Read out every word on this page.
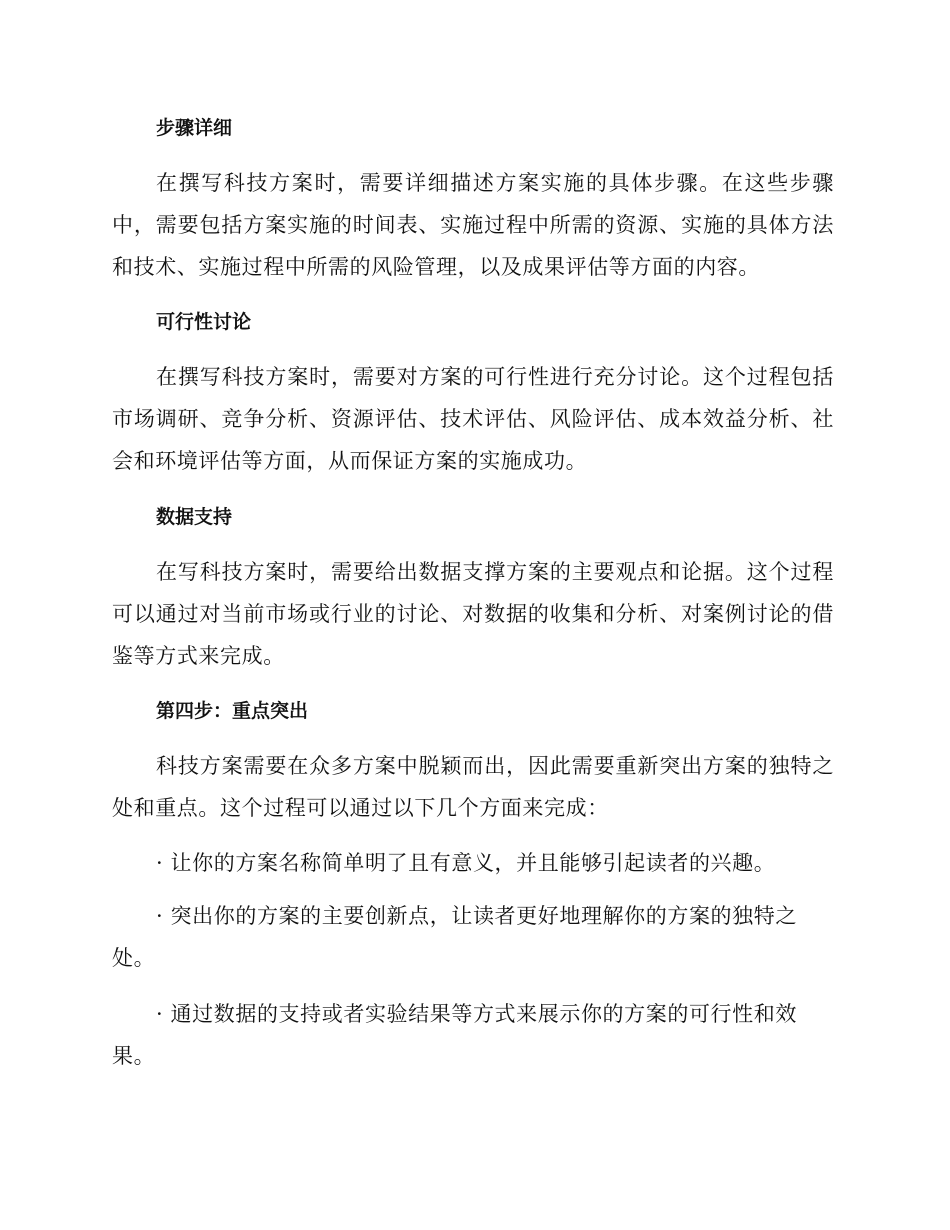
步骤详细
在撰写科技方案时，需要详细描述方案实施的具体步骤。在这些步骤中，需要包括方案实施的时间表、实施过程中所需的资源、实施的具体方法和技术、实施过程中所需的风险管理，以及成果评估等方面的内容。
可行性讨论
在撰写科技方案时，需要对方案的可行性进行充分讨论。这个过程包括市场调研、竞争分析、资源评估、技术评估、风险评估、成本效益分析、社会和环境评估等方面，从而保证方案的实施成功。
数据支持
在写科技方案时，需要给出数据支撑方案的主要观点和论据。这个过程可以通过对当前市场或行业的讨论、对数据的收集和分析、对案例讨论的借鉴等方式来完成。
第四步：重点突出
科技方案需要在众多方案中脱颖而出，因此需要重新突出方案的独特之处和重点。这个过程可以通过以下几个方面来完成：
· 让你的方案名称简单明了且有意义，并且能够引起读者的兴趣。
· 突出你的方案的主要创新点，让读者更好地理解你的方案的独特之处。
· 通过数据的支持或者实验结果等方式来展示你的方案的可行性和效果。
